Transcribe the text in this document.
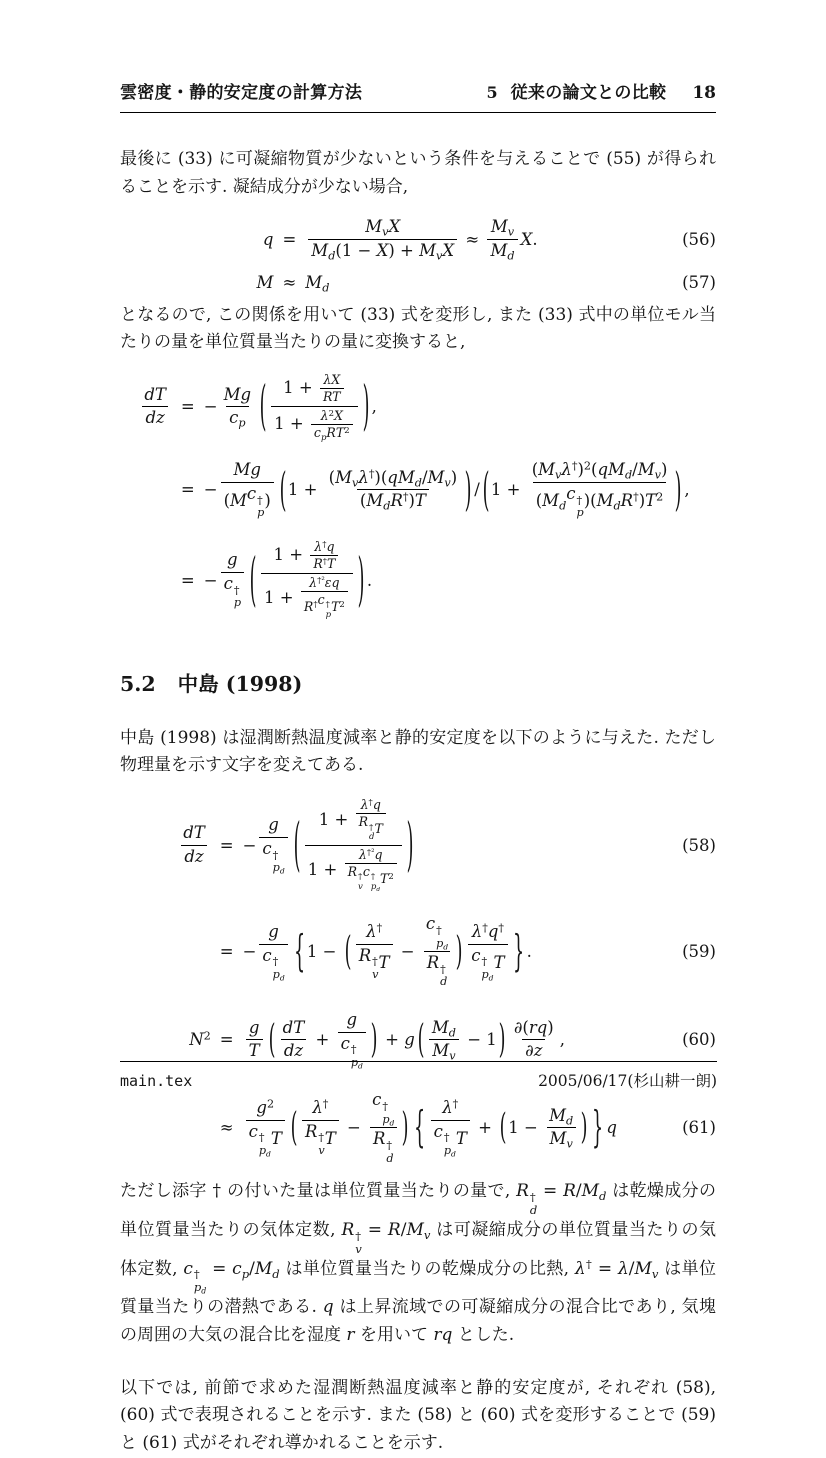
雲密度・静的安定度の計算方法	5 従来の論文との比較 18

最後に (33) に可凝縮物質が少ないという条件を与えることで (55) が得られることを示す. 凝結成分が少ない場合,

$q = \frac{M_v X}{M_d (1 - X ) + M_v X} \approx \frac{M_v}{M_d}$ X .	(56)
$M \approx M_d$	(57)

となるので, この関係を用いて (33) 式を変形し, また (33) 式中の単位モル当たりの量を単位質量当たりの量に変換すると,

$\frac{dT}{dz}$ = − $\frac{Mg}{c_p}$ ( $\frac{1 + \frac{\lambda X}{RT}}{1 + \frac{\lambda^2 X}{c_p R T^2}}$ ) ,
= − Mg
( M c †
p
) ( $1 + \frac{( M_v \lambda^\dagger )( q M_d / M_v )}{( M_d R^\dagger ) T}$ ) / ( $1 + (M_v\lambda^\dagger)^2$ ( q $M_d / M_v$ )
( $M_d$
c †
p
)( $M_d$ R† ) $T^2$ ) ,
= − g
c †
p ( $1 + \frac{\lambda^\dagger q}{R^\dagger T}$
$1 + \lambda^{\dagger^2}$ εq
R† c †
p
$T^2$ ) .
5.2 中島 (1998)

中島 (1998) は湿潤断熱温度減率と静的安定度を以下のように与えた. ただし物理量を示す文字を変えてある.

$\frac{dT}{dz}$ = − g
c †
$p_d$ ( 1 + λ† q
R †
d
T
$1 + \lambda^{\dagger^2}$ q
R †
v
c †
$p_d$
$T^2$ )	(58)
= − g
c †
$p_d$ { 1 − ( λ†
R †
v
T − c †
$p_d$
R †
d ) λ† q†
c †
$p_d$
T } .	(59)
$N^2 = \frac{g}{T}$ ( $\frac{dT}{dz} + g$
c †
$p_d$ ) + g ( $\frac{M_d}{M_v} - 1$ ) $\frac{\partial( rq )}{\partial z}$ ,	(60)
≈ $g^2$
c †
$p_d$
T ( λ†
R †
v
T − c †
$p_d$
R †
d ) { λ†
c †
$p_d$
T + ( $1 - \frac{M_d}{M_v}$ ) } q	(61)

ただし添字 † の付いた量は単位質量当たりの量で, R †
d
= $R/M_d$ は乾燥成分の単位質量当たりの気体定数, R †
v
= $R/M_v$ は可凝縮成分の単位質量当たりの気体定数, c †
$p_d$
= $c_p/M_d$ は単位質量当たりの乾燥成分の比熱, $\lambda^\dagger = \lambda/M_v$ は単位質量当たりの潜熱である. q は上昇流域での可凝縮成分の混合比であり, 気塊の周囲の大気の混合比を湿度 r を用いて rq とした.

以下では, 前節で求めた湿潤断熱温度減率と静的安定度が, それぞれ (58), (60) 式で表現されることを示す. また (58) と (60) 式を変形することで (59) と (61) 式がそれぞれ導かれることを示す.

main.tex	2005/06/17(杉山耕一朗)
